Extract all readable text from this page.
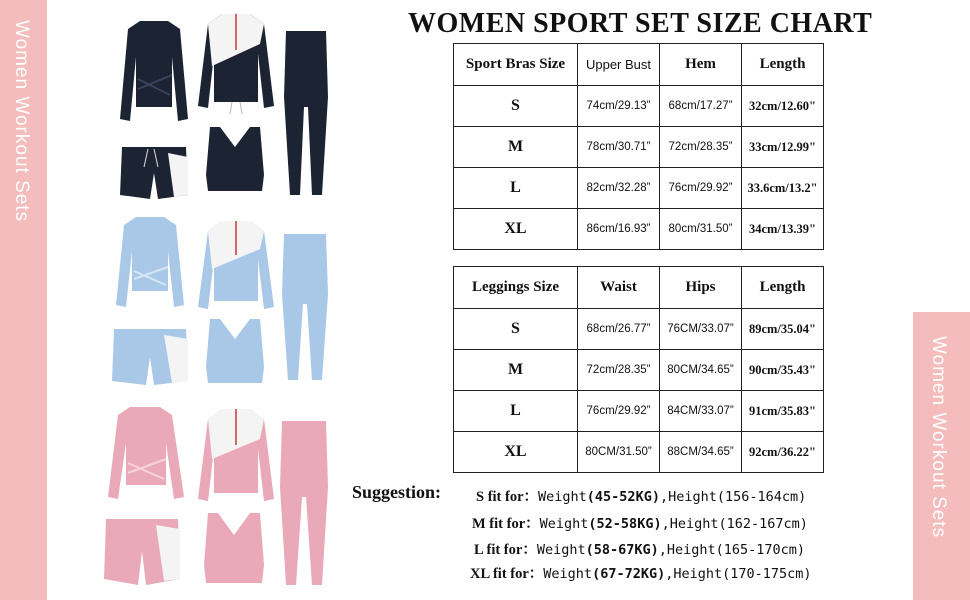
Women Workout Sets
Women Workout Sets
WOMEN SPORT SET SIZE CHART
Sport Bras Size	Upper Bust	Hem	Length
S	74cm/29.13”	68cm/17.27”	32cm/12.60"
M	78cm/30.71”	72cm/28.35”	33cm/12.99"
L	82cm/32.28”	76cm/29.92”	33.6cm/13.2"
XL	86cm/16.93”	80cm/31.50”	34cm/13.39"
Leggings Size	Waist	Hips	Length
S	68cm/26.77”	76CM/33.07”	89cm/35.04"
M	72cm/28.35”	80CM/34.65”	90cm/35.43"
L	76cm/29.92”	84CM/33.07”	91cm/35.83"
XL	80CM/31.50”	88CM/34.65”	92cm/36.22"
Suggestion: S fit for：Weight(45-52KG),Height(156-164cm)
M fit for：Weight(52-58KG),Height(162-167cm)
L fit for：Weight(58-67KG),Height(165-170cm)
XL fit for：Weight(67-72KG),Height(170-175cm)
